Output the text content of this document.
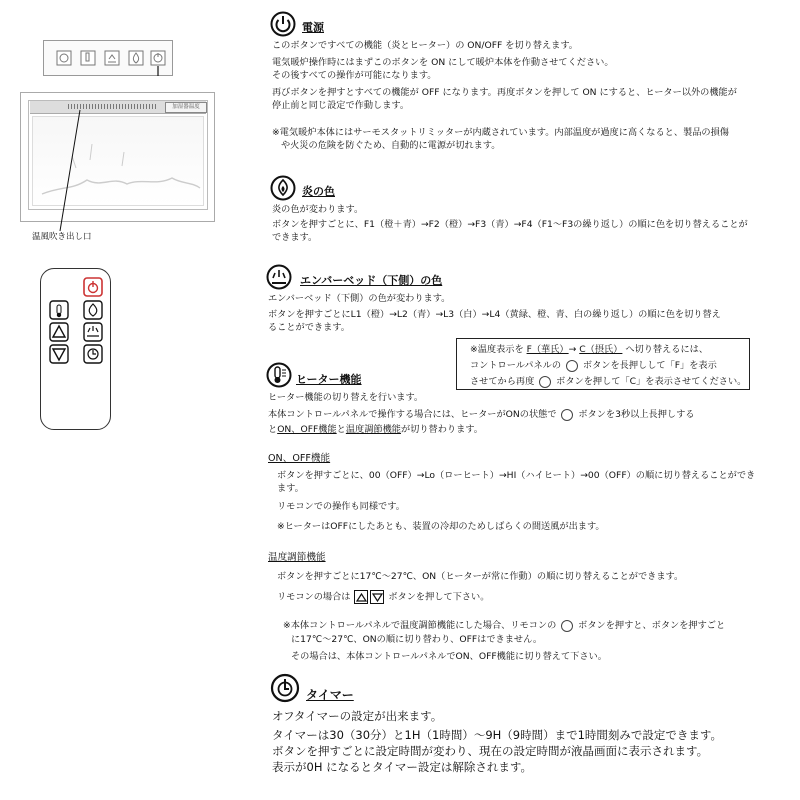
加湿器温度
温風吹き出し口
電源
このボタンですべての機能（炎とヒーター）の ON/OFF を切り替えます。
電気暖炉操作時にはまずこのボタンを ON にして暖炉本体を作動させてください。
その後すべての操作が可能になります。
再びボタンを押すとすべての機能が OFF になります。再度ボタンを押して ON にすると、ヒーター以外の機能が
停止前と同じ設定で作動します。
※電気暖炉本体にはサーモスタットリミッターが内蔵されています。内部温度が過度に高くなると、製品の損傷
や火災の危険を防ぐため、自動的に電源が切れます。
炎の色
炎の色が変わります。
ボタンを押すごとに、F1（橙＋青）→F2（橙）→F3（青）→F4（F1～F3の繰り返し）の順に色を切り替えることが
できます。
エンバーベッド（下側）の色
エンバーベッド（下側）の色が変わります。
ボタンを押すごとにL1（橙）→L2（青）→L3（白）→L4（黄緑、橙、青、白の繰り返し）の順に色を切り替え
ることができます。
※温度表示を F（華氏）→ C（摂氏） へ切り替えるには、
コントロールパネルの  ボタンを長押しして「F」を表示
させてから再度  ボタンを押して「C」を表示させてください。
ヒーター機能
ヒーター機能の切り替えを行います。
本体コントロールパネルで操作する場合には、ヒーターがONの状態で  ボタンを3秒以上長押しする
とON、OFF機能と温度調節機能が切り替わります。
ON、OFF機能
ボタンを押すごとに、00（OFF）→Lo（ローヒート）→HI（ハイヒート）→00（OFF）の順に切り替えることができ
ます。
リモコンでの操作も同様です。
※ヒーターはOFFにしたあとも、装置の冷却のためしばらくの間送風が出ます。
温度調節機能
ボタンを押すごとに17℃～27℃、ON（ヒーターが常に作動）の順に切り替えることができます。
リモコンの場合は	ボタンを押して下さい。
※本体コントロールパネルで温度調節機能にした場合、リモコンの  ボタンを押すと、ボタンを押すごと
に17℃～27℃、ONの順に切り替わり、OFFはできません。
その場合は、本体コントロールパネルでON、OFF機能に切り替えて下さい。
タイマー
オフタイマーの設定が出来ます。
タイマーは30（30分）と1H（1時間）～9H（9時間）まで1時間刻みで設定できます。
ボタンを押すごとに設定時間が変わり、現在の設定時間が液晶画面に表示されます。
表示が0H になるとタイマー設定は解除されます。
